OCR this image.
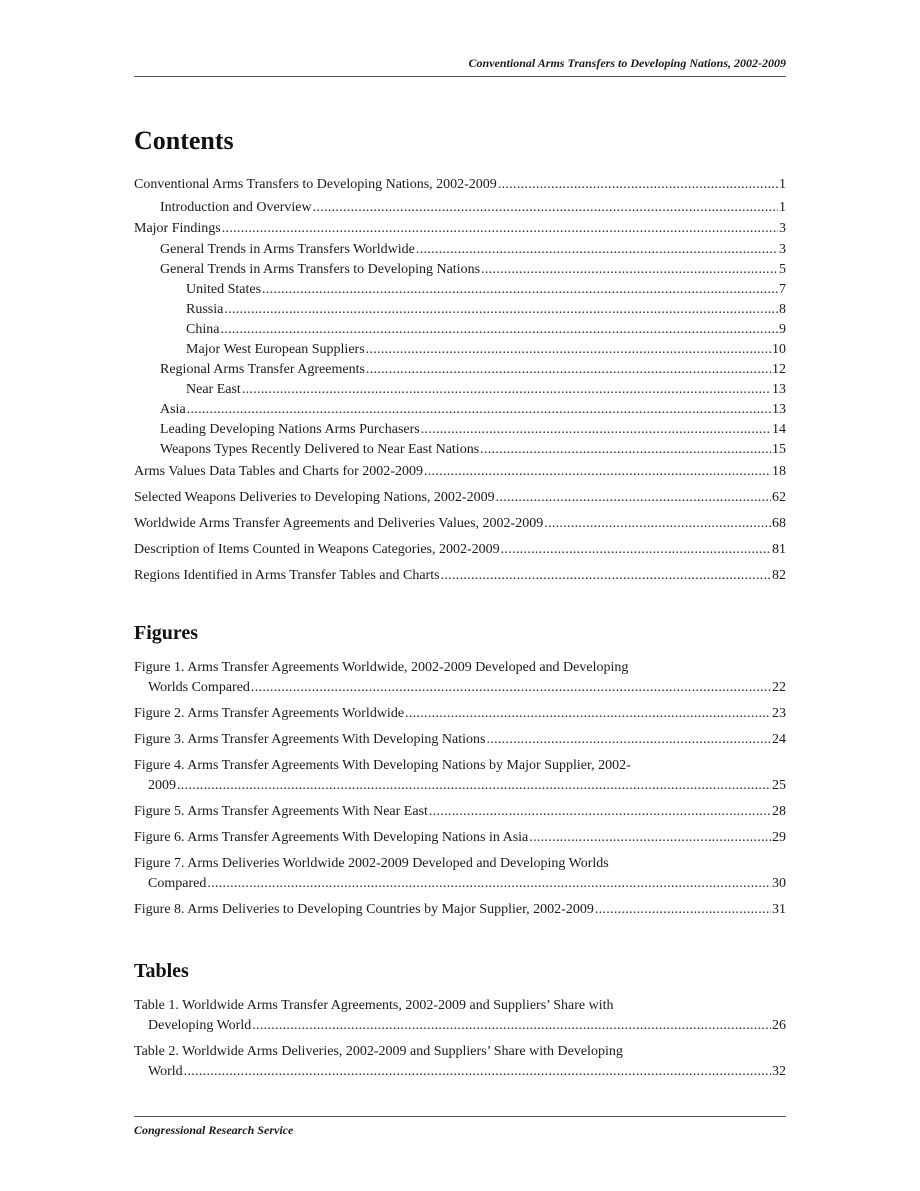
Conventional Arms Transfers to Developing Nations, 2002-2009
Contents
Conventional Arms Transfers to Developing Nations, 2002-2009 . . .	1
Introduction and Overview . . .	1
Major Findings . . .	3
General Trends in Arms Transfers Worldwide . . .	3
General Trends in Arms Transfers to Developing Nations . . .	5
United States . . .	7
Russia . . .	8
China . . .	9
Major West European Suppliers . . .	10
Regional Arms Transfer Agreements . . .	12
Near East . . .	13
Asia . . .	13
Leading Developing Nations Arms Purchasers . . .	14
Weapons Types Recently Delivered to Near East Nations . . .	15
Arms Values Data Tables and Charts for 2002-2009 . . .	18
Selected Weapons Deliveries to Developing Nations, 2002-2009 . . .	62
Worldwide Arms Transfer Agreements and Deliveries Values, 2002-2009 . . .	68
Description of Items Counted in Weapons Categories, 2002-2009 . . .	81
Regions Identified in Arms Transfer Tables and Charts . . .	82
Figures
Figure 1. Arms Transfer Agreements Worldwide, 2002-2009 Developed and Developing
Worlds Compared . . .	22
Figure 2. Arms Transfer Agreements Worldwide . . .	23
Figure 3. Arms Transfer Agreements With Developing Nations . . .	24
Figure 4. Arms Transfer Agreements With Developing Nations by Major Supplier, 2002-
2009 . . .	25
Figure 5. Arms Transfer Agreements With Near East . . .	28
Figure 6. Arms Transfer Agreements With Developing Nations in Asia . . .	29
Figure 7. Arms Deliveries Worldwide 2002-2009 Developed and Developing Worlds
Compared . . .	30
Figure 8. Arms Deliveries to Developing Countries by Major Supplier, 2002-2009 . . .	31
Tables
Table 1. Worldwide Arms Transfer Agreements, 2002-2009 and Suppliers’ Share with
Developing World . . .	26
Table 2. Worldwide Arms Deliveries, 2002-2009 and Suppliers’ Share with Developing
World . . .	32
Congressional Research Service
